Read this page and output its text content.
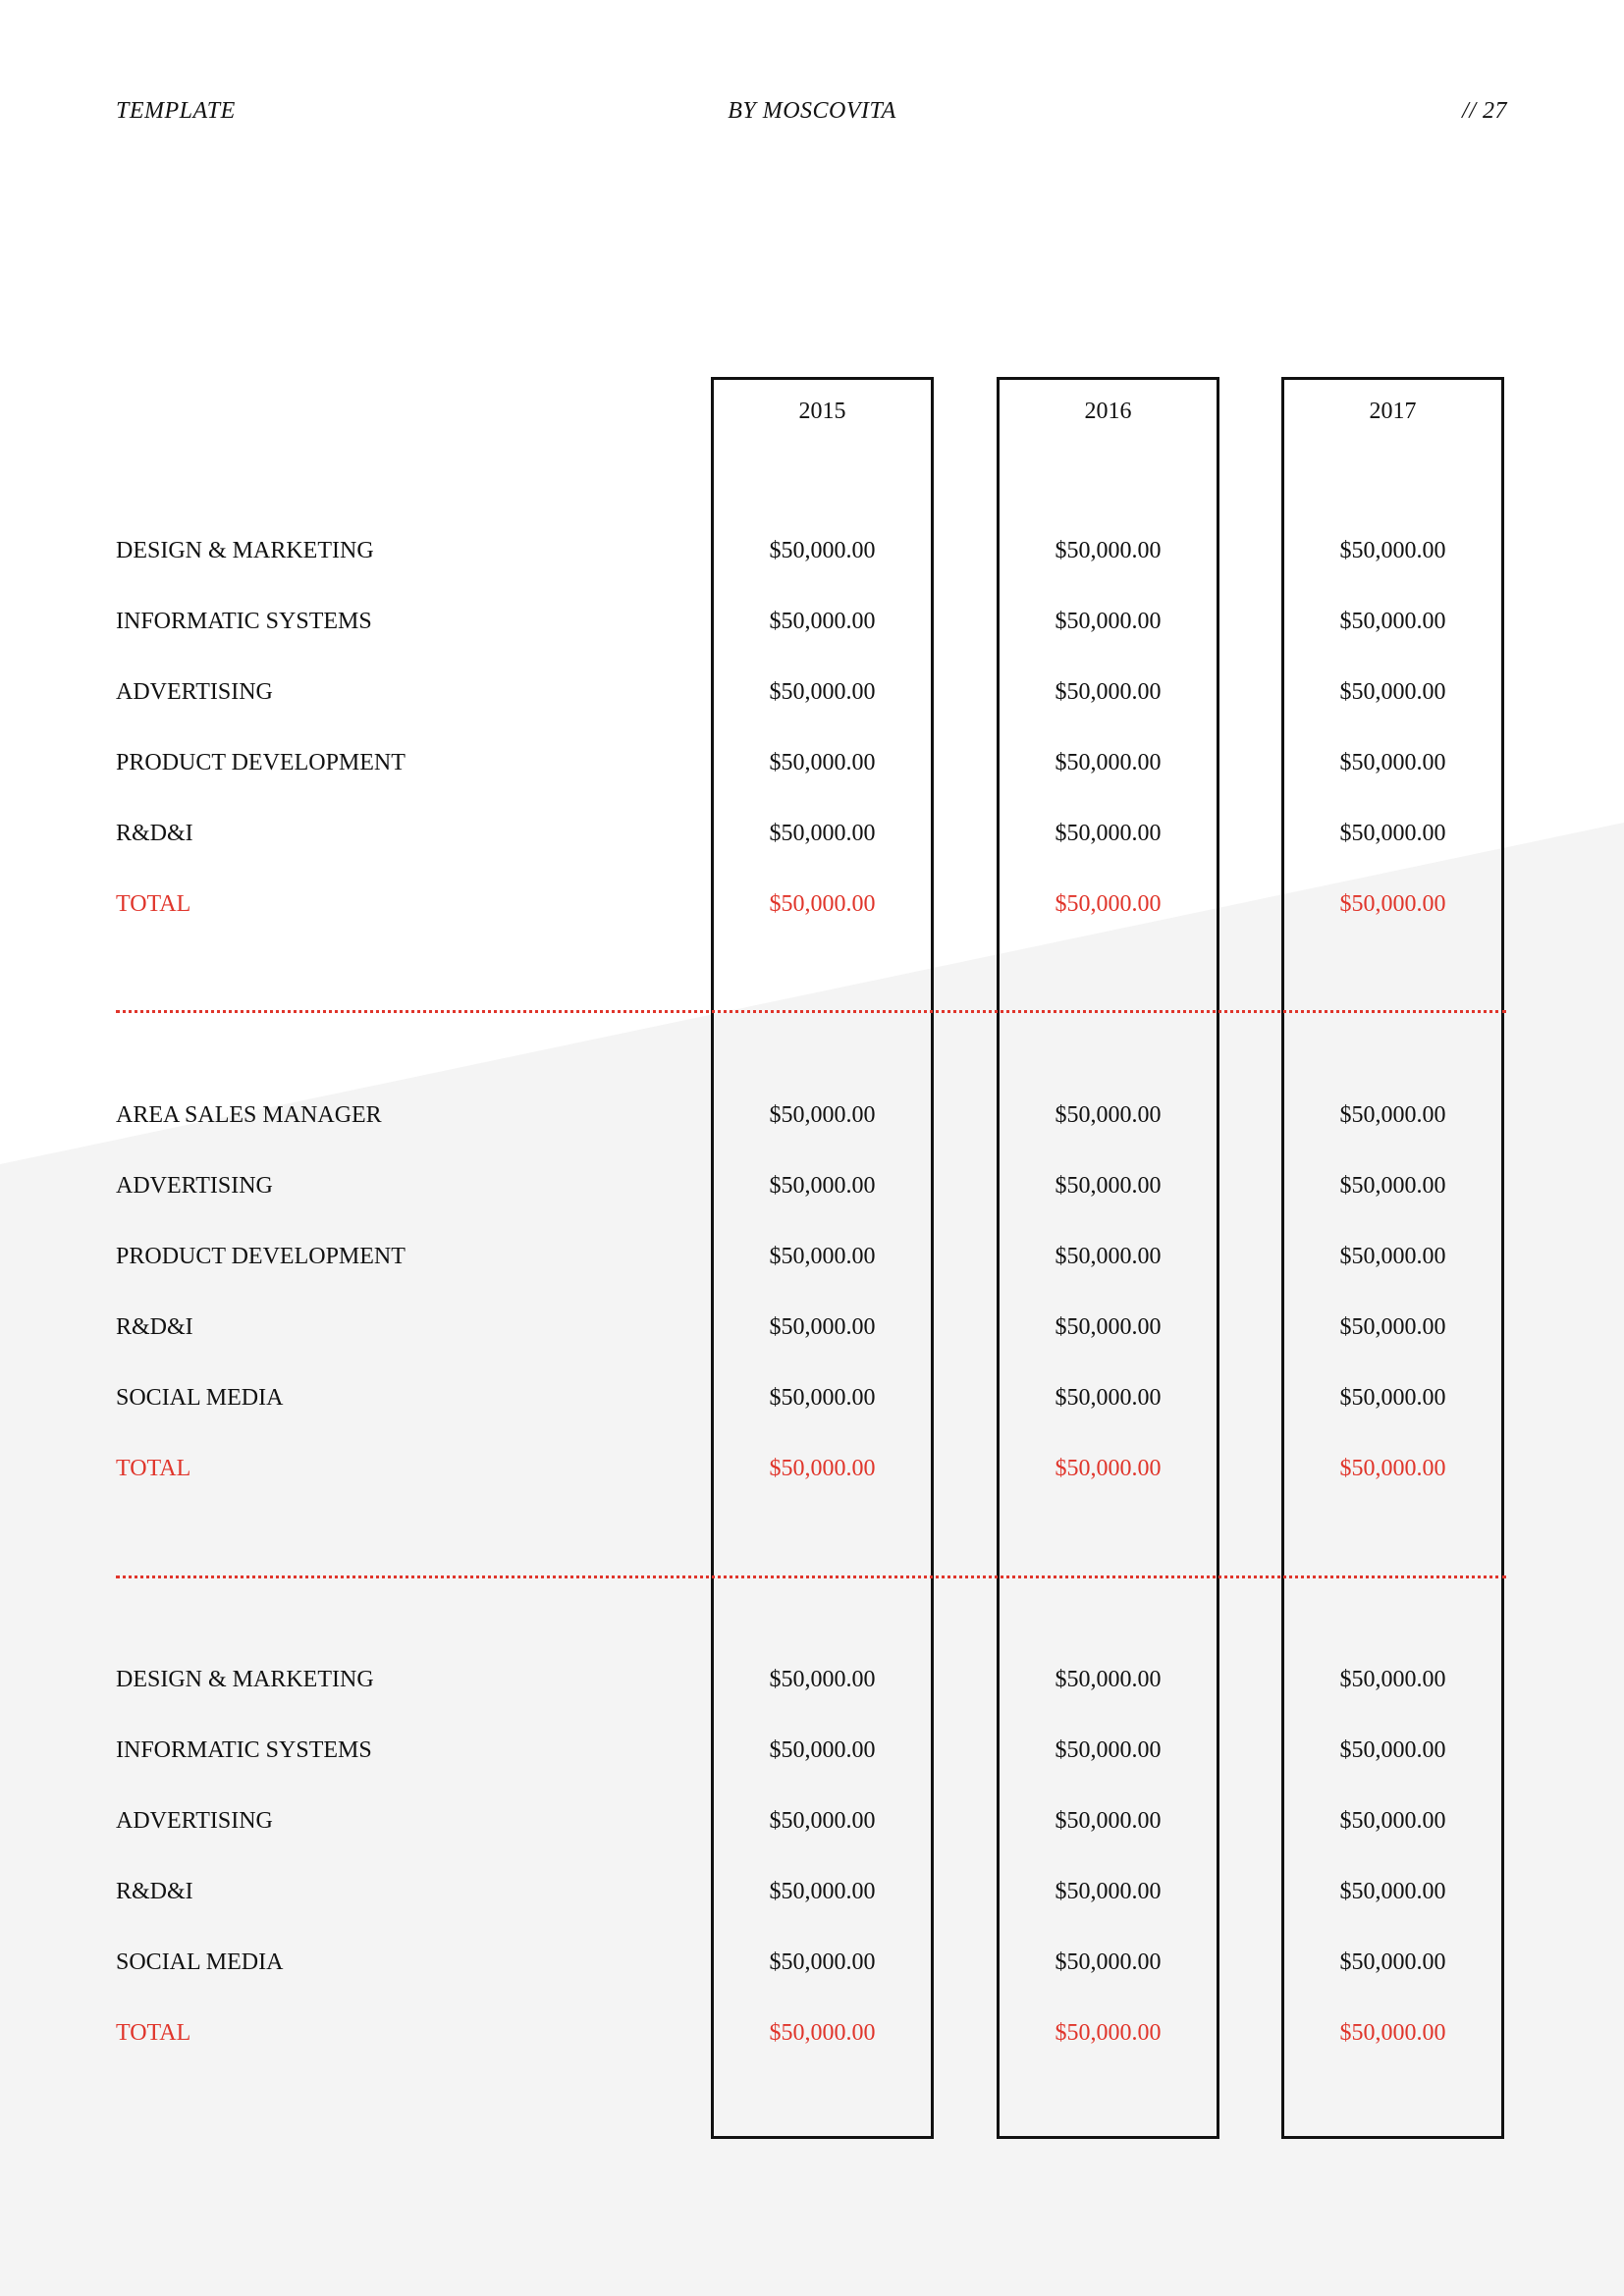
TEMPLATE	BY MOSCOVITA	// 27
2015	2016	2017
DESIGN & MARKETING	$50,000.00	$50,000.00	$50,000.00
INFORMATIC SYSTEMS	$50,000.00	$50,000.00	$50,000.00
ADVERTISING	$50,000.00	$50,000.00	$50,000.00
PRODUCT DEVELOPMENT	$50,000.00	$50,000.00	$50,000.00
R&D&I	$50,000.00	$50,000.00	$50,000.00
TOTAL	$50,000.00	$50,000.00	$50,000.00
AREA SALES MANAGER	$50,000.00	$50,000.00	$50,000.00
ADVERTISING	$50,000.00	$50,000.00	$50,000.00
PRODUCT DEVELOPMENT	$50,000.00	$50,000.00	$50,000.00
R&D&I	$50,000.00	$50,000.00	$50,000.00
SOCIAL MEDIA	$50,000.00	$50,000.00	$50,000.00
TOTAL	$50,000.00	$50,000.00	$50,000.00
DESIGN & MARKETING	$50,000.00	$50,000.00	$50,000.00
INFORMATIC SYSTEMS	$50,000.00	$50,000.00	$50,000.00
ADVERTISING	$50,000.00	$50,000.00	$50,000.00
R&D&I	$50,000.00	$50,000.00	$50,000.00
SOCIAL MEDIA	$50,000.00	$50,000.00	$50,000.00
TOTAL	$50,000.00	$50,000.00	$50,000.00
